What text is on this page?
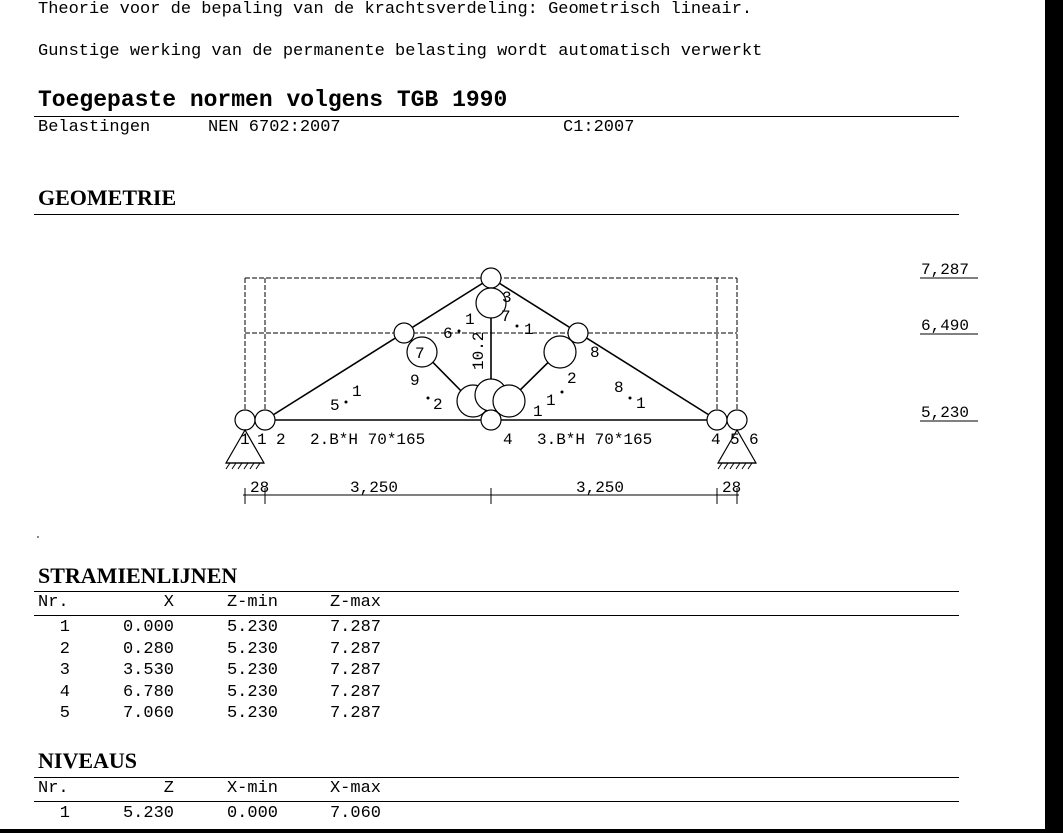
Theorie voor de bepaling van de krachtsverdeling: Geometrisch lineair.
Gunstige werking van de permanente belasting wordt automatisch verwerkt
Toegepaste normen volgens TGB 1990
Belastingen	NEN 6702:2007	C1:2007
GEOMETRIE
7,287
6,490
5,230
2.B*H 70*165	3.B*H 70*165
1 1 2	4	4 5 6
3
7	8
9
10.2
6
1 7
1
5
1
2	1
2 8
1
1
28	3,250	3,250	28
STRAMIENLIJNEN
Nr.	X	Z-min	Z-max
1	0.000	5.230	7.287
2	0.280	5.230	7.287
3	3.530	5.230	7.287
4	6.780	5.230	7.287
5	7.060	5.230	7.287
NIVEAUS
Nr.	Z	X-min	X-max
1	5.230	0.000	7.060
